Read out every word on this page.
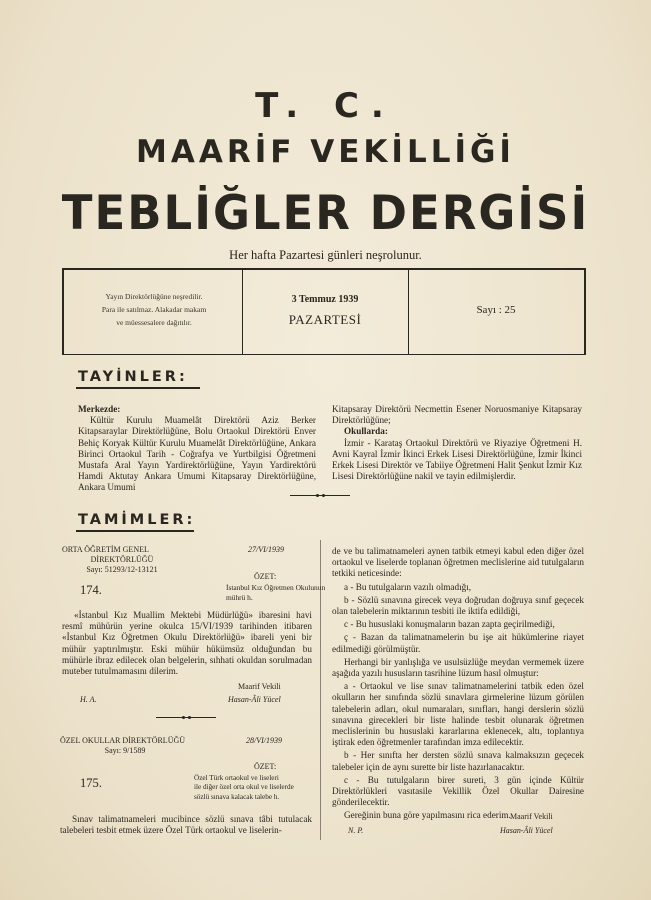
T. C.
MAARİF VEKİLLİĞİ
TEBLİĞLER DERGİSİ
Her hafta Pazartesi günleri neşrolunur.
Yayın Direktörlüğüne neşredilir.
Para ile satılmaz. Alakadar makam
ve müessesalere dağıtılır.
3 Temmuz 1939
PAZARTESİ
Sayı : 25
TAYİNLER:

Merkezde:

Kültür Kurulu Muamelât Direktörü Aziz Berker Kitapsaraylar Direktörlüğüne, Bolu Ortaokul Direktörü Enver Behiç Koryak Kültür Kurulu Muamelât Direktörlüğüne, Ankara Birinci Ortaokul Tarih - Coğrafya ve Yurtbilgisi Öğretmeni Mustafa Aral Yayın Yardirektörlüğüne, Yayın Yardirektörü Hamdi Aktutay Ankara Umumi Kitapsaray Direktörlüğüne, Ankara Umumi

Kitapsaray Direktörü Necmettin Esener Noruosmaniye Kitapsaray Direktörlüğüne;

Okullarda:

İzmir - Karataş Ortaokul Direktörü ve Riyaziye Öğretmeni H. Avni Kayral İzmir İkinci Erkek Lisesi Direktörlüğüne, İzmir İkinci Erkek Lisesi Direktör ve Tabiiye Öğretmeni Halit Şenkut İzmir Kız Lisesi Direktörlüğüne nakil ve tayin edilmişlerdir.

TAMİMLER:
ORTA ÖĞRETİM GENEL
DİREKTÖRLÜĞÜ
Sayı: 51293/12-13121
27/VI/1939
ÖZET:
İstanbul Kız Öğretmen Okulunun
mührü h.
174.

«İstanbul Kız Muallim Mektebi Müdürlüğü» ibaresini havi resmî mühürün yerine okulca 15/VI/1939 tarihinden itibaren «İstanbul Kız Öğretmen Okulu Direktörlüğü» ibareli yeni bir mühür yaptırılmıştır. Eski mühür hükümsüz olduğundan bu mühürle ibraz edilecek olan belgelerin, sıhhati okuldan sorulmadan muteber tutulmamasını dilerim.

Maarif Vekili
H. A.	Hasan-Âli Yücel
ÖZEL OKULLAR DİREKTÖRLÜĞÜ
Sayı: 9/1589
28/VI/1939
ÖZET:
Özel Türk ortaokul ve liseleri
ile diğer özel orta okul ve liselerde
sözlü sınava kalacak talebe h.
175.

Sınav talimatnameleri mucibince sözlü sınava tâbi tutulacak talebeleri tesbit etmek üzere Özel Türk ortaokul ve liselerin-

de ve bu talimatnameleri aynen tatbik etmeyi kabul eden diğer özel ortaokul ve liselerde toplanan öğretmen meclislerine aid tutulgaların tetkiki neticesinde:

a - Bu tutulgaların vazılı olmadığı,

b - Sözlü sınavına girecek veya doğrudan doğruya sınıf geçecek olan talebelerin miktarının tesbiti ile iktifa edildiği,

c - Bu hususlaki konuşmaların bazan zapta geçirilmediği,

ç - Bazan da talimatnamelerin bu işe ait hükümlerine riayet edilmediği görülmüştür.

Herhangi bir yanlışlığa ve usulsüzlüğe meydan vermemek üzere aşağıda yazılı hususların tasrihine lüzum hasıl olmuştur:

a - Ortaokul ve lise sınav talimatnamelerini tatbik eden özel okulların her sınıfında sözlü sınavlara girmelerine lüzum görülen talebelerin adları, okul numaraları, sınıfları, hangi derslerin sözlü sınavına girecekleri bir liste halinde tesbit olunarak öğretmen meclislerinin bu hususlaki kararlarına eklenecek, altı, toplantıya iştirak eden öğretmenler tarafından imza edilecektir.

b - Her sınıfta her dersten sözlü sınava kalmaksızın geçecek talebeler için de aynı surette bir liste hazırlanacaktır.

c - Bu tutulgaların birer sureti, 3 gün içinde Kültür Direktörlükleri vasıtasile Vekillik Özel Okullar Dairesine gönderilecektir.

Gereğinin buna göre yapılmasını rica ederim. Maarif Vekili
N. P.	Hasan-Âli Yücel
